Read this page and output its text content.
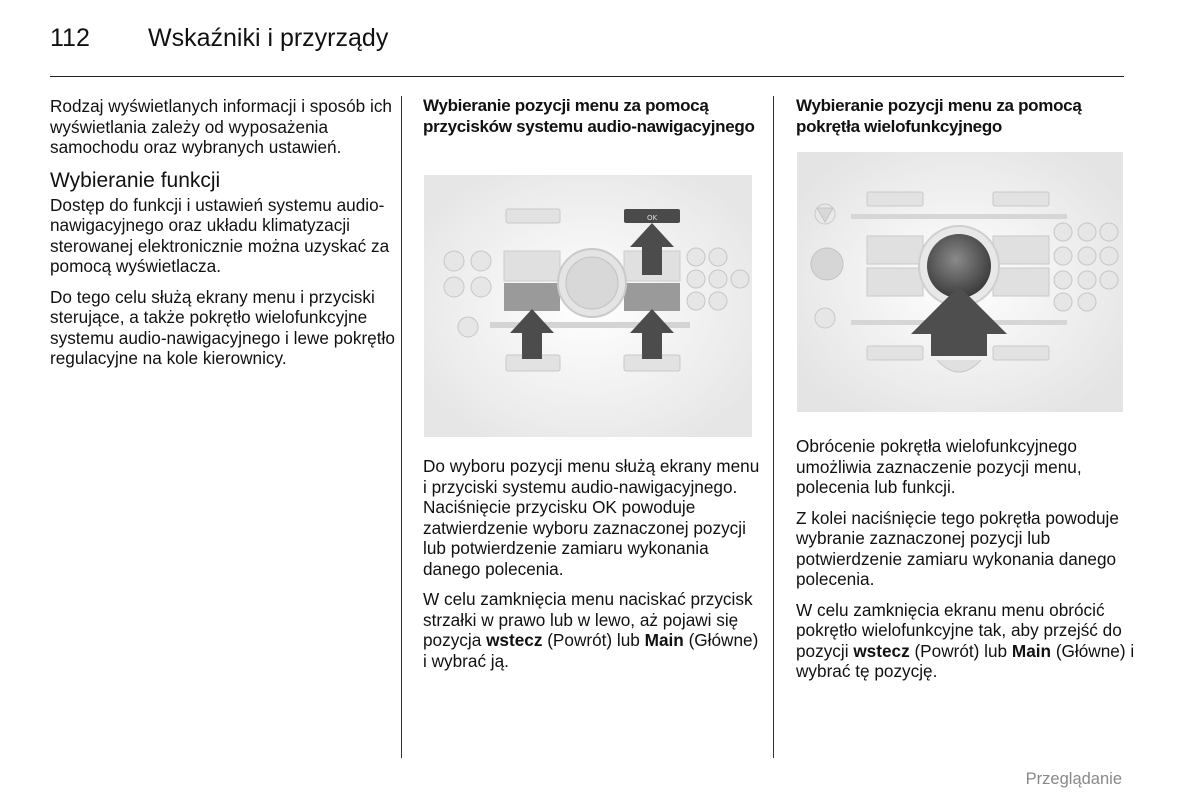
112	Wskaźniki i przyrządy

Rodzaj wyświetlanych informacji i sposób ich wyświetlania zależy od wyposażenia samochodu oraz wybranych ustawień.

Wybieranie funkcji

Dostęp do funkcji i ustawień systemu audio-nawigacyjnego oraz układu klimatyzacji sterowanej elektronicznie można uzyskać za pomocą wyświetlacza.

Do tego celu służą ekrany menu i przyciski sterujące, a także pokrętło wielofunkcyjne systemu audio-nawigacyjnego i lewe pokrętło regulacyjne na kole kierownicy.

Wybieranie pozycji menu za pomocą przycisków systemu audio-nawigacyjnego

OK

Do wyboru pozycji menu służą ekrany menu i przyciski systemu audio-nawigacyjnego. Naciśnięcie przycisku OK powoduje zatwierdzenie wyboru zaznaczonej pozycji lub potwierdzenie zamiaru wykonania danego polecenia.

W celu zamknięcia menu naciskać przycisk strzałki w prawo lub w lewo, aż pojawi się pozycja wstecz (Powrót) lub Main (Główne) i wybrać ją.

Wybieranie pozycji menu za pomocą pokrętła wielofunkcyjnego

Obrócenie pokrętła wielofunkcyjnego umożliwia zaznaczenie pozycji menu, polecenia lub funkcji.

Z kolei naciśnięcie tego pokrętła powoduje wybranie zaznaczonej pozycji lub potwierdzenie zamiaru wykonania danego polecenia.

W celu zamknięcia ekranu menu obrócić pokrętło wielofunkcyjne tak, aby przejść do pozycji wstecz (Powrót) lub Main (Główne) i wybrać tę pozycję.

Przeglądanie
